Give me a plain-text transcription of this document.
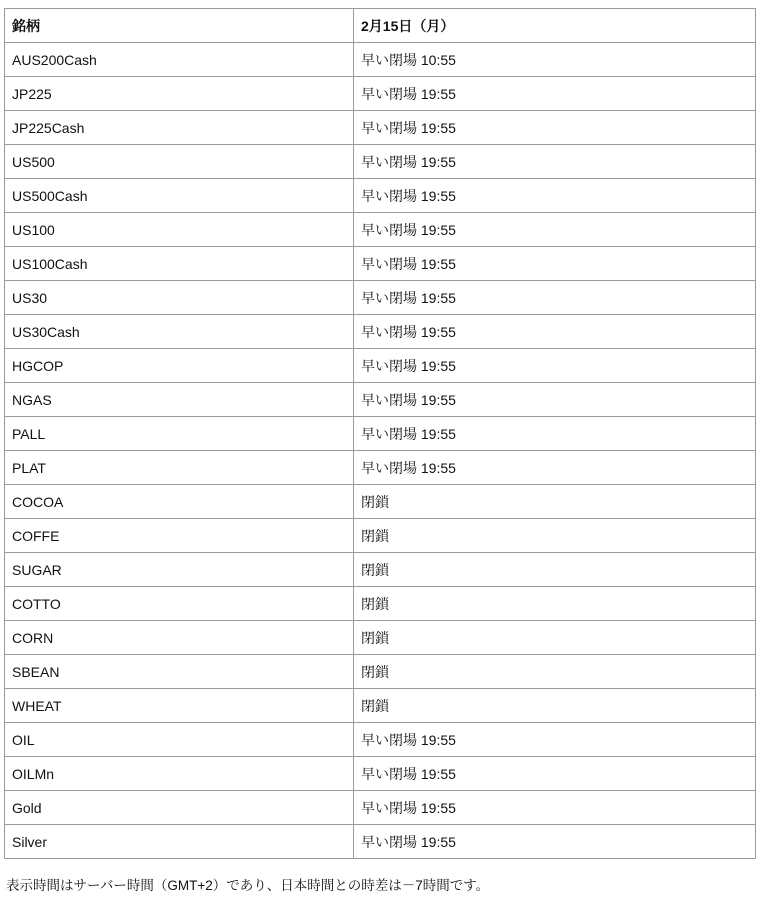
銘柄	2月15日（月）
AUS200Cash	早い閉場 10:55
JP225	早い閉場 19:55
JP225Cash	早い閉場 19:55
US500	早い閉場 19:55
US500Cash	早い閉場 19:55
US100	早い閉場 19:55
US100Cash	早い閉場 19:55
US30	早い閉場 19:55
US30Cash	早い閉場 19:55
HGCOP	早い閉場 19:55
NGAS	早い閉場 19:55
PALL	早い閉場 19:55
PLAT	早い閉場 19:55
COCOA	閉鎖
COFFE	閉鎖
SUGAR	閉鎖
COTTO	閉鎖
CORN	閉鎖
SBEAN	閉鎖
WHEAT	閉鎖
OIL	早い閉場 19:55
OILMn	早い閉場 19:55
Gold	早い閉場 19:55
Silver	早い閉場 19:55

表示時間はサーバー時間（GMT+2）であり、日本時間との時差は－7時間です。
